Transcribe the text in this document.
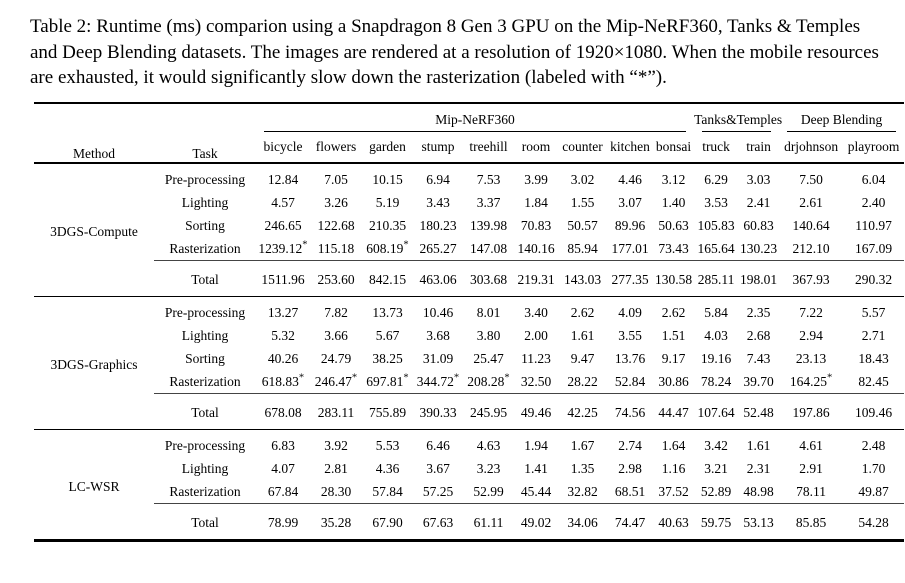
Table 2: Runtime (ms) comparion using a Snapdragon 8 Gen 3 GPU on the Mip-NeRF360, Tanks & Temples and Deep Blending datasets. The images are rendered at a resolution of 1920×1080. When the mobile resources are exhausted, it would significantly slow down the rasterization (labeled with “*”).

Method	Task	Mip-NeRF360									Tanks&Temples		Deep Blending	

		bicycle	flowers	garden	stump	treehill	room	counter	kitchen	bonsai	truck	train	drjohnson	playroom
3DGS-Compute	Pre-processing	12.84	7.05	10.15	6.94	7.53	3.99	3.02	4.46	3.12	6.29	3.03	7.50	6.04
	Lighting	4.57	3.26	5.19	3.43	3.37	1.84	1.55	3.07	1.40	3.53	2.41	2.61	2.40
	Sorting	246.65	122.68	210.35	180.23	139.98	70.83	50.57	89.96	50.63	105.83	60.83	140.64	110.97
	Rasterization	1239.12*	115.18	608.19*	265.27	147.08	140.16	85.94	177.01	73.43	165.64	130.23	212.10	167.09

	Total	1511.96	253.60	842.15	463.06	303.68	219.31	143.03	277.35	130.58	285.11	198.01	367.93	290.32
3DGS-Graphics	Pre-processing	13.27	7.82	13.73	10.46	8.01	3.40	2.62	4.09	2.62	5.84	2.35	7.22	5.57
	Lighting	5.32	3.66	5.67	3.68	3.80	2.00	1.61	3.55	1.51	4.03	2.68	2.94	2.71
	Sorting	40.26	24.79	38.25	31.09	25.47	11.23	9.47	13.76	9.17	19.16	7.43	23.13	18.43
	Rasterization	618.83*	246.47*	697.81*	344.72*	208.28*	32.50	28.22	52.84	30.86	78.24	39.70	164.25*	82.45

	Total	678.08	283.11	755.89	390.33	245.95	49.46	42.25	74.56	44.47	107.64	52.48	197.86	109.46
LC-WSR	Pre-processing	6.83	3.92	5.53	6.46	4.63	1.94	1.67	2.74	1.64	3.42	1.61	4.61	2.48
	Lighting	4.07	2.81	4.36	3.67	3.23	1.41	1.35	2.98	1.16	3.21	2.31	2.91	1.70
	Rasterization	67.84	28.30	57.84	57.25	52.99	45.44	32.82	68.51	37.52	52.89	48.98	78.11	49.87

	Total	78.99	35.28	67.90	67.63	61.11	49.02	34.06	74.47	40.63	59.75	53.13	85.85	54.28
